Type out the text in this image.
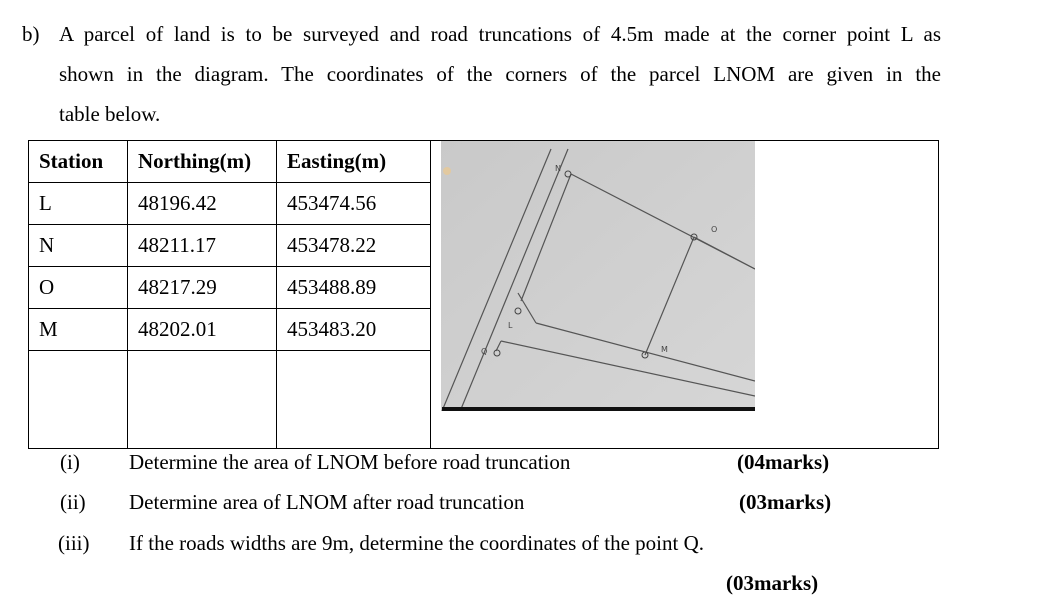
b) A parcel of land is to be surveyed and road truncations of 4.5m made at the corner point L as
shown in the diagram. The coordinates of the corners of the parcel LNOM are given in the
table below.
Station	Northing(m)	Easting(m)	
L	48196.42	453474.56	
N	48211.17	453478.22	
O	48217.29	453488.89	
M	48202.01	453483.20	

N
O
L
M
Q
(i) Determine the area of LNOM before road truncation	(04marks)
(ii) Determine area of LNOM after road truncation	(03marks)
(iii) If the roads widths are 9m, determine the coordinates of the point Q.
(03marks)
